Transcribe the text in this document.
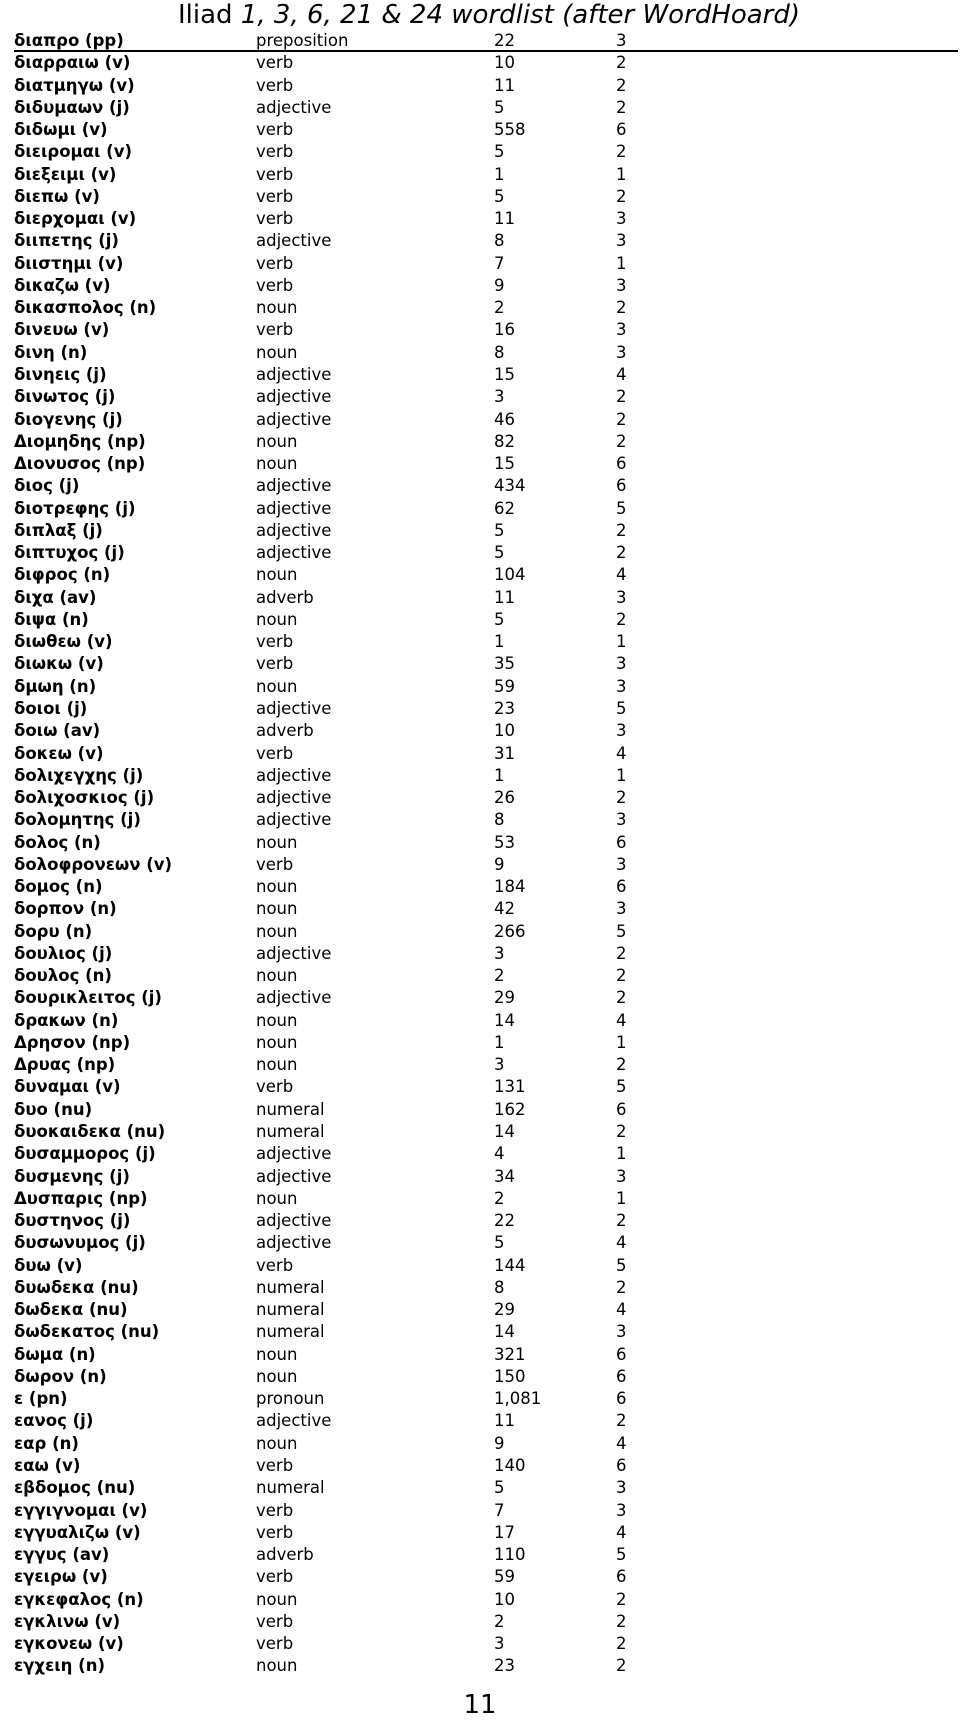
Iliad 1, 3, 6, 21 & 24 wordlist (after WordHoard)
διαπρο (pp)	preposition	22	3
διαρραιω (v)	verb	10	2
διατμηγω (v)	verb	11	2
διδυμαων (j)	adjective	5	2
διδωμι (v)	verb	558	6
διειρομαι (v)	verb	5	2
διεξειμι (v)	verb	1	1
διεπω (v)	verb	5	2
διερχομαι (v)	verb	11	3
διιπετης (j)	adjective	8	3
διιστημι (v)	verb	7	1
δικαζω (v)	verb	9	3
δικασπολος (n)	noun	2	2
δινευω (v)	verb	16	3
δινη (n)	noun	8	3
δινηεις (j)	adjective	15	4
δινωτος (j)	adjective	3	2
διογενης (j)	adjective	46	2
Διομηδης (np)	noun	82	2
Διονυσος (np)	noun	15	6
διος (j)	adjective	434	6
διοτρεφης (j)	adjective	62	5
διπλαξ (j)	adjective	5	2
διπτυχος (j)	adjective	5	2
διφρος (n)	noun	104	4
διχα (av)	adverb	11	3
διψα (n)	noun	5	2
διωθεω (v)	verb	1	1
διωκω (v)	verb	35	3
δμωη (n)	noun	59	3
δοιοι (j)	adjective	23	5
δοιω (av)	adverb	10	3
δοκεω (v)	verb	31	4
δολιχεγχης (j)	adjective	1	1
δολιχοσκιος (j)	adjective	26	2
δολομητης (j)	adjective	8	3
δολος (n)	noun	53	6
δολοφρονεων (v)	verb	9	3
δομος (n)	noun	184	6
δορπον (n)	noun	42	3
δορυ (n)	noun	266	5
δουλιος (j)	adjective	3	2
δουλος (n)	noun	2	2
δουρικλειτος (j)	adjective	29	2
δρακων (n)	noun	14	4
Δρησον (np)	noun	1	1
Δρυας (np)	noun	3	2
δυναμαι (v)	verb	131	5
δυο (nu)	numeral	162	6
δυοκαιδεκα (nu)	numeral	14	2
δυσαμμορος (j)	adjective	4	1
δυσμενης (j)	adjective	34	3
Δυσπαρις (np)	noun	2	1
δυστηνος (j)	adjective	22	2
δυσωνυμος (j)	adjective	5	4
δυω (v)	verb	144	5
δυωδεκα (nu)	numeral	8	2
δωδεκα (nu)	numeral	29	4
δωδεκατος (nu)	numeral	14	3
δωμα (n)	noun	321	6
δωρον (n)	noun	150	6
ε (pn)	pronoun	1,081	6
εανος (j)	adjective	11	2
εαρ (n)	noun	9	4
εαω (v)	verb	140	6
εβδομος (nu)	numeral	5	3
εγγιγνομαι (v)	verb	7	3
εγγυαλιζω (v)	verb	17	4
εγγυς (av)	adverb	110	5
εγειρω (v)	verb	59	6
εγκεφαλος (n)	noun	10	2
εγκλινω (v)	verb	2	2
εγκονεω (v)	verb	3	2
εγχειη (n)	noun	23	2
11
